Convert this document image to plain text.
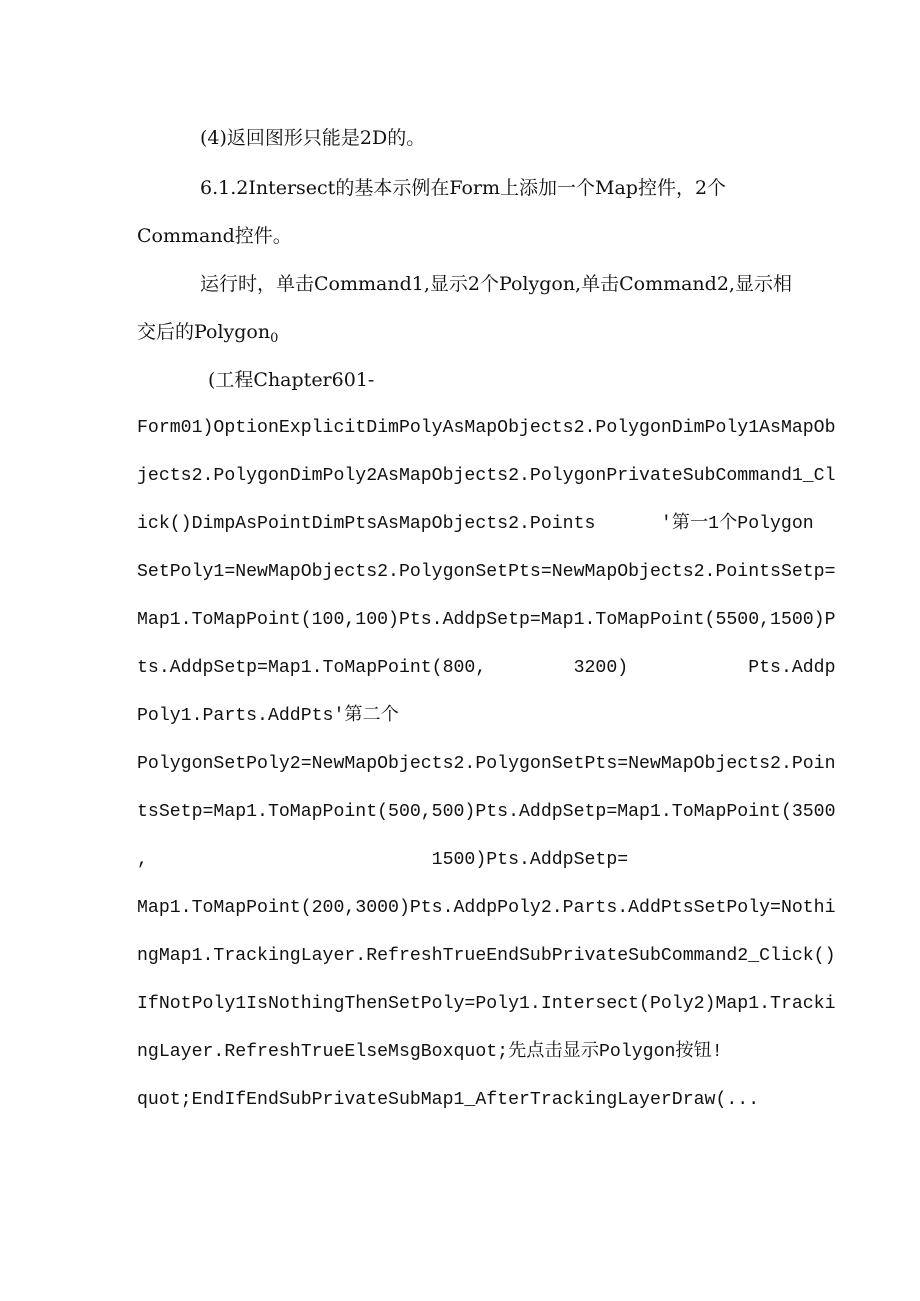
(4)返回图形只能是2D的。
6.1.2Intersect的基本示例在Form上添加一个Map控件，2个
Command控件。
运行时，单击Command1,显示2个Polygon,单击Command2,显示相
交后的Polygon$_0$
(工程Chapter601-
Form01)OptionExplicitDimPolyAsMapObjects2.PolygonDimPoly1AsMapOb
jects2.PolygonDimPoly2AsMapObjects2.PolygonPrivateSubCommand1_Cl
ick()DimpAsPointDimPtsAsMapObjects2.Points      '第一1个Polygon
SetPoly1=NewMapObjects2.PolygonSetPts=NewMapObjects2.PointsSetp=
Map1.ToMapPoint(100,100)Pts.AddpSetp=Map1.ToMapPoint(5500,1500)P
ts.AddpSetp=Map1.ToMapPoint(800,        3200)           Pts.Addp
Poly1.Parts.AddPts'第二个
PolygonSetPoly2=NewMapObjects2.PolygonSetPts=NewMapObjects2.Poin
tsSetp=Map1.ToMapPoint(500,500)Pts.AddpSetp=Map1.ToMapPoint(3500
,                          1500)Pts.AddpSetp=
Map1.ToMapPoint(200,3000)Pts.AddpPoly2.Parts.AddPtsSetPoly=Nothi
ngMap1.TrackingLayer.RefreshTrueEndSubPrivateSubCommand2_Click()
IfNotPoly1IsNothingThenSetPoly=Poly1.Intersect(Poly2)Map1.Tracki
ngLayer.RefreshTrueElseMsgBoxquot;先点击显示Polygon按钮!
quot;EndIfEndSubPrivateSubMap1_AfterTrackingLayerDraw(...
